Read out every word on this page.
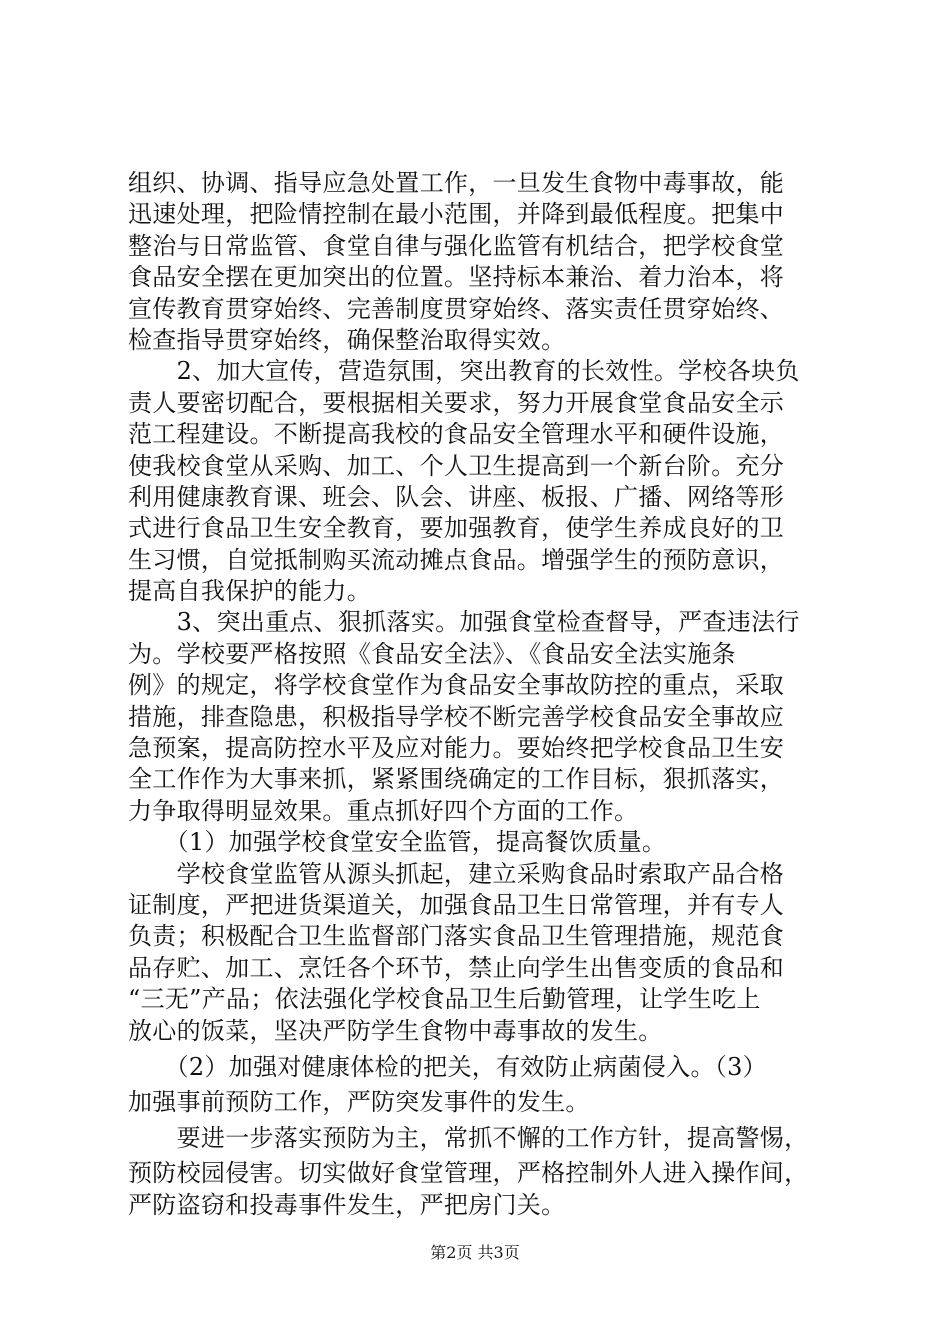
组织、协调、指导应急处置工作，一旦发生食物中毒事故，能
迅速处理，把险情控制在最小范围，并降到最低程度。把集中
整治与日常监管、食堂自律与强化监管有机结合，把学校食堂
食品安全摆在更加突出的位置。坚持标本兼治、着力治本，将
宣传教育贯穿始终、完善制度贯穿始终、落实责任贯穿始终、
检查指导贯穿始终，确保整治取得实效。
　　2、加大宣传，营造氛围，突出教育的长效性。学校各块负
责人要密切配合，要根据相关要求，努力开展食堂食品安全示
范工程建设。不断提高我校的食品安全管理水平和硬件设施，
使我校食堂从采购、加工、个人卫生提高到一个新台阶。充分
利用健康教育课、班会、队会、讲座、板报、广播、网络等形
式进行食品卫生安全教育，要加强教育，使学生养成良好的卫
生习惯，自觉抵制购买流动摊点食品。增强学生的预防意识，
提高自我保护的能力。
　　3、突出重点、狠抓落实。加强食堂检查督导，严查违法行
为。学校要严格按照《食品安全法》、《食品安全法实施条
例》的规定，将学校食堂作为食品安全事故防控的重点，采取
措施，排查隐患，积极指导学校不断完善学校食品安全事故应
急预案，提高防控水平及应对能力。要始终把学校食品卫生安
全工作作为大事来抓，紧紧围绕确定的工作目标，狠抓落实，
力争取得明显效果。重点抓好四个方面的工作。
　　（1）加强学校食堂安全监管，提高餐饮质量。
　　学校食堂监管从源头抓起，建立采购食品时索取产品合格
证制度，严把进货渠道关，加强食品卫生日常管理，并有专人
负责；积极配合卫生监督部门落实食品卫生管理措施，规范食
品存贮、加工、烹饪各个环节，禁止向学生出售变质的食品和
“三无”产品；依法强化学校食品卫生后勤管理，让学生吃上
放心的饭菜，坚决严防学生食物中毒事故的发生。
　　（2）加强对健康体检的把关，有效防止病菌侵入。（3）
加强事前预防工作，严防突发事件的发生。
　　要进一步落实预防为主，常抓不懈的工作方针，提高警惕，
预防校园侵害。切实做好食堂管理，严格控制外人进入操作间，
严防盗窃和投毒事件发生，严把房门关。
第2页 共3页
